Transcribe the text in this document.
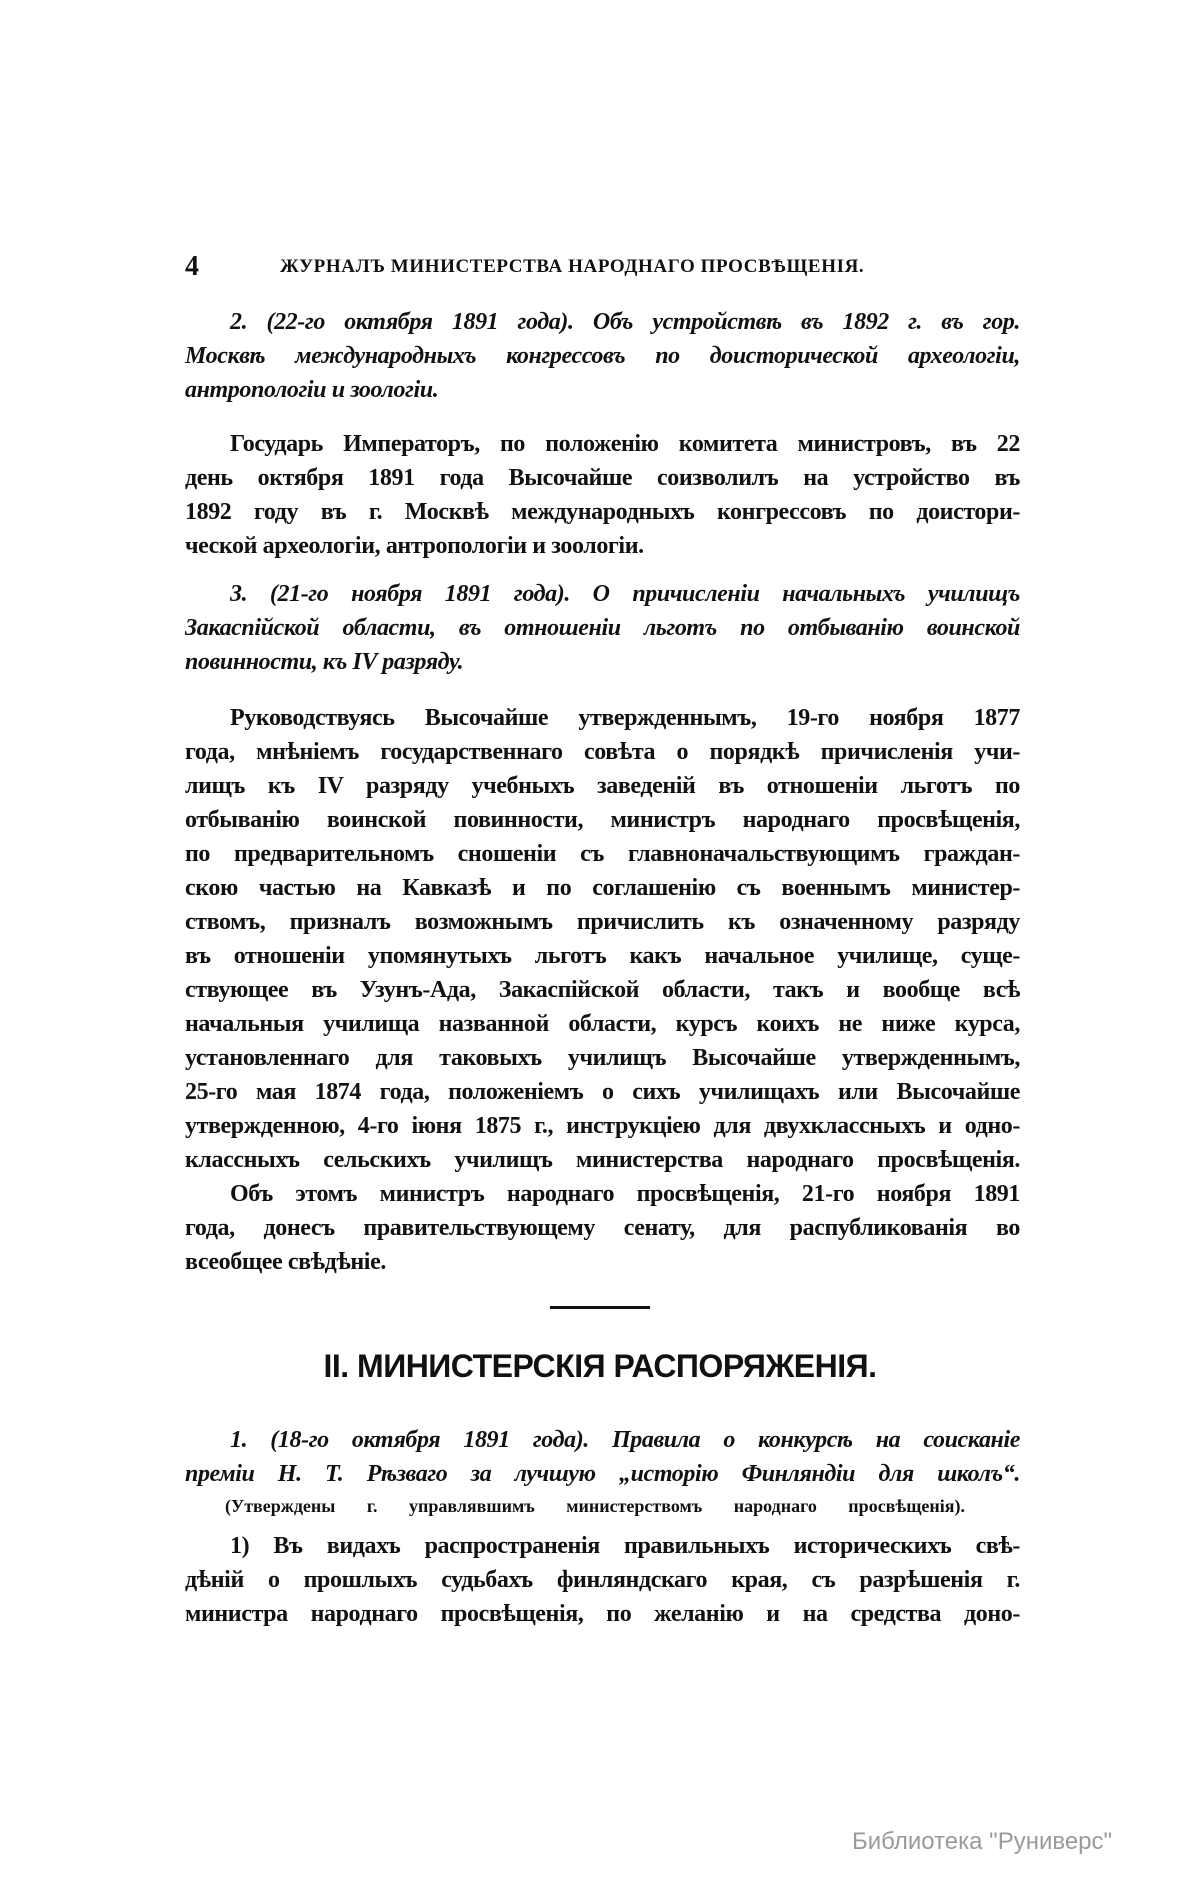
4	ЖУРНАЛЪ МИНИСТЕРСТВА НАРОДНАГО ПРОСВѢЩЕНІЯ.
2. (22-го октября 1891 года). Объ устройствѣ въ 1892 г. въ гор.
Москвѣ международныхъ конгрессовъ по доисторической археологіи,
антропологіи и зоологіи.
Государь Императоръ, по положенію комитета министровъ, въ 22
день октября 1891 года Высочайше соизволилъ на устройство въ
1892 году въ г. Москвѣ международныхъ конгрессовъ по доистори-
ческой археологіи, антропологіи и зоологіи.
3. (21-го ноября 1891 года). О причисленіи начальныхъ училищъ
Закаспійской области, въ отношеніи льготъ по отбыванію воинской
повинности, къ IV разряду.
Руководствуясь Высочайше утвержденнымъ, 19-го ноября 1877
года, мнѣніемъ государственнаго совѣта о порядкѣ причисленія учи-
лищъ къ IV разряду учебныхъ заведеній въ отношеніи льготъ по
отбыванію воинской повинности, министръ народнаго просвѣщенія,
по предварительномъ сношеніи съ главноначальствующимъ граждан-
скою частью на Кавказѣ и по соглашенію съ военнымъ министер-
ствомъ, призналъ возможнымъ причислить къ означенному разряду
въ отношеніи упомянутыхъ льготъ какъ начальное училище, суще-
ствующее въ Узунъ-Ада, Закаспійской области, такъ и вообще всѣ
начальныя училища названной области, курсъ коихъ не ниже курса,
установленнаго для таковыхъ училищъ Высочайше утвержденнымъ,
25-го мая 1874 года, положеніемъ о сихъ училищахъ или Высочайше
утвержденною, 4-го іюня 1875 г., инструкціею для двухклассныхъ и одно-
классныхъ сельскихъ училищъ министерства народнаго просвѣщенія.
Объ этомъ министръ народнаго просвѣщенія, 21-го ноября 1891
года, донесъ правительствующему сенату, для распубликованія во
всеобщее свѣдѣніе.
II. МИНИСТЕРСКІЯ РАСПОРЯЖЕНІЯ.
1. (18-го октября 1891 года). Правила о конкурсѣ на соисканіе
преміи Н. Т. Рѣзваго за лучшую „исторію Финляндіи для школъ“.
(Утверждены г. управлявшимъ министерствомъ народнаго просвѣщенія).
1) Въ видахъ распространенія правильныхъ историческихъ свѣ-
дѣній о прошлыхъ судьбахъ финляндскаго края, съ разрѣшенія г.
министра народнаго просвѣщенія, по желанію и на средства доно-
Библиотека "Руниверс"
